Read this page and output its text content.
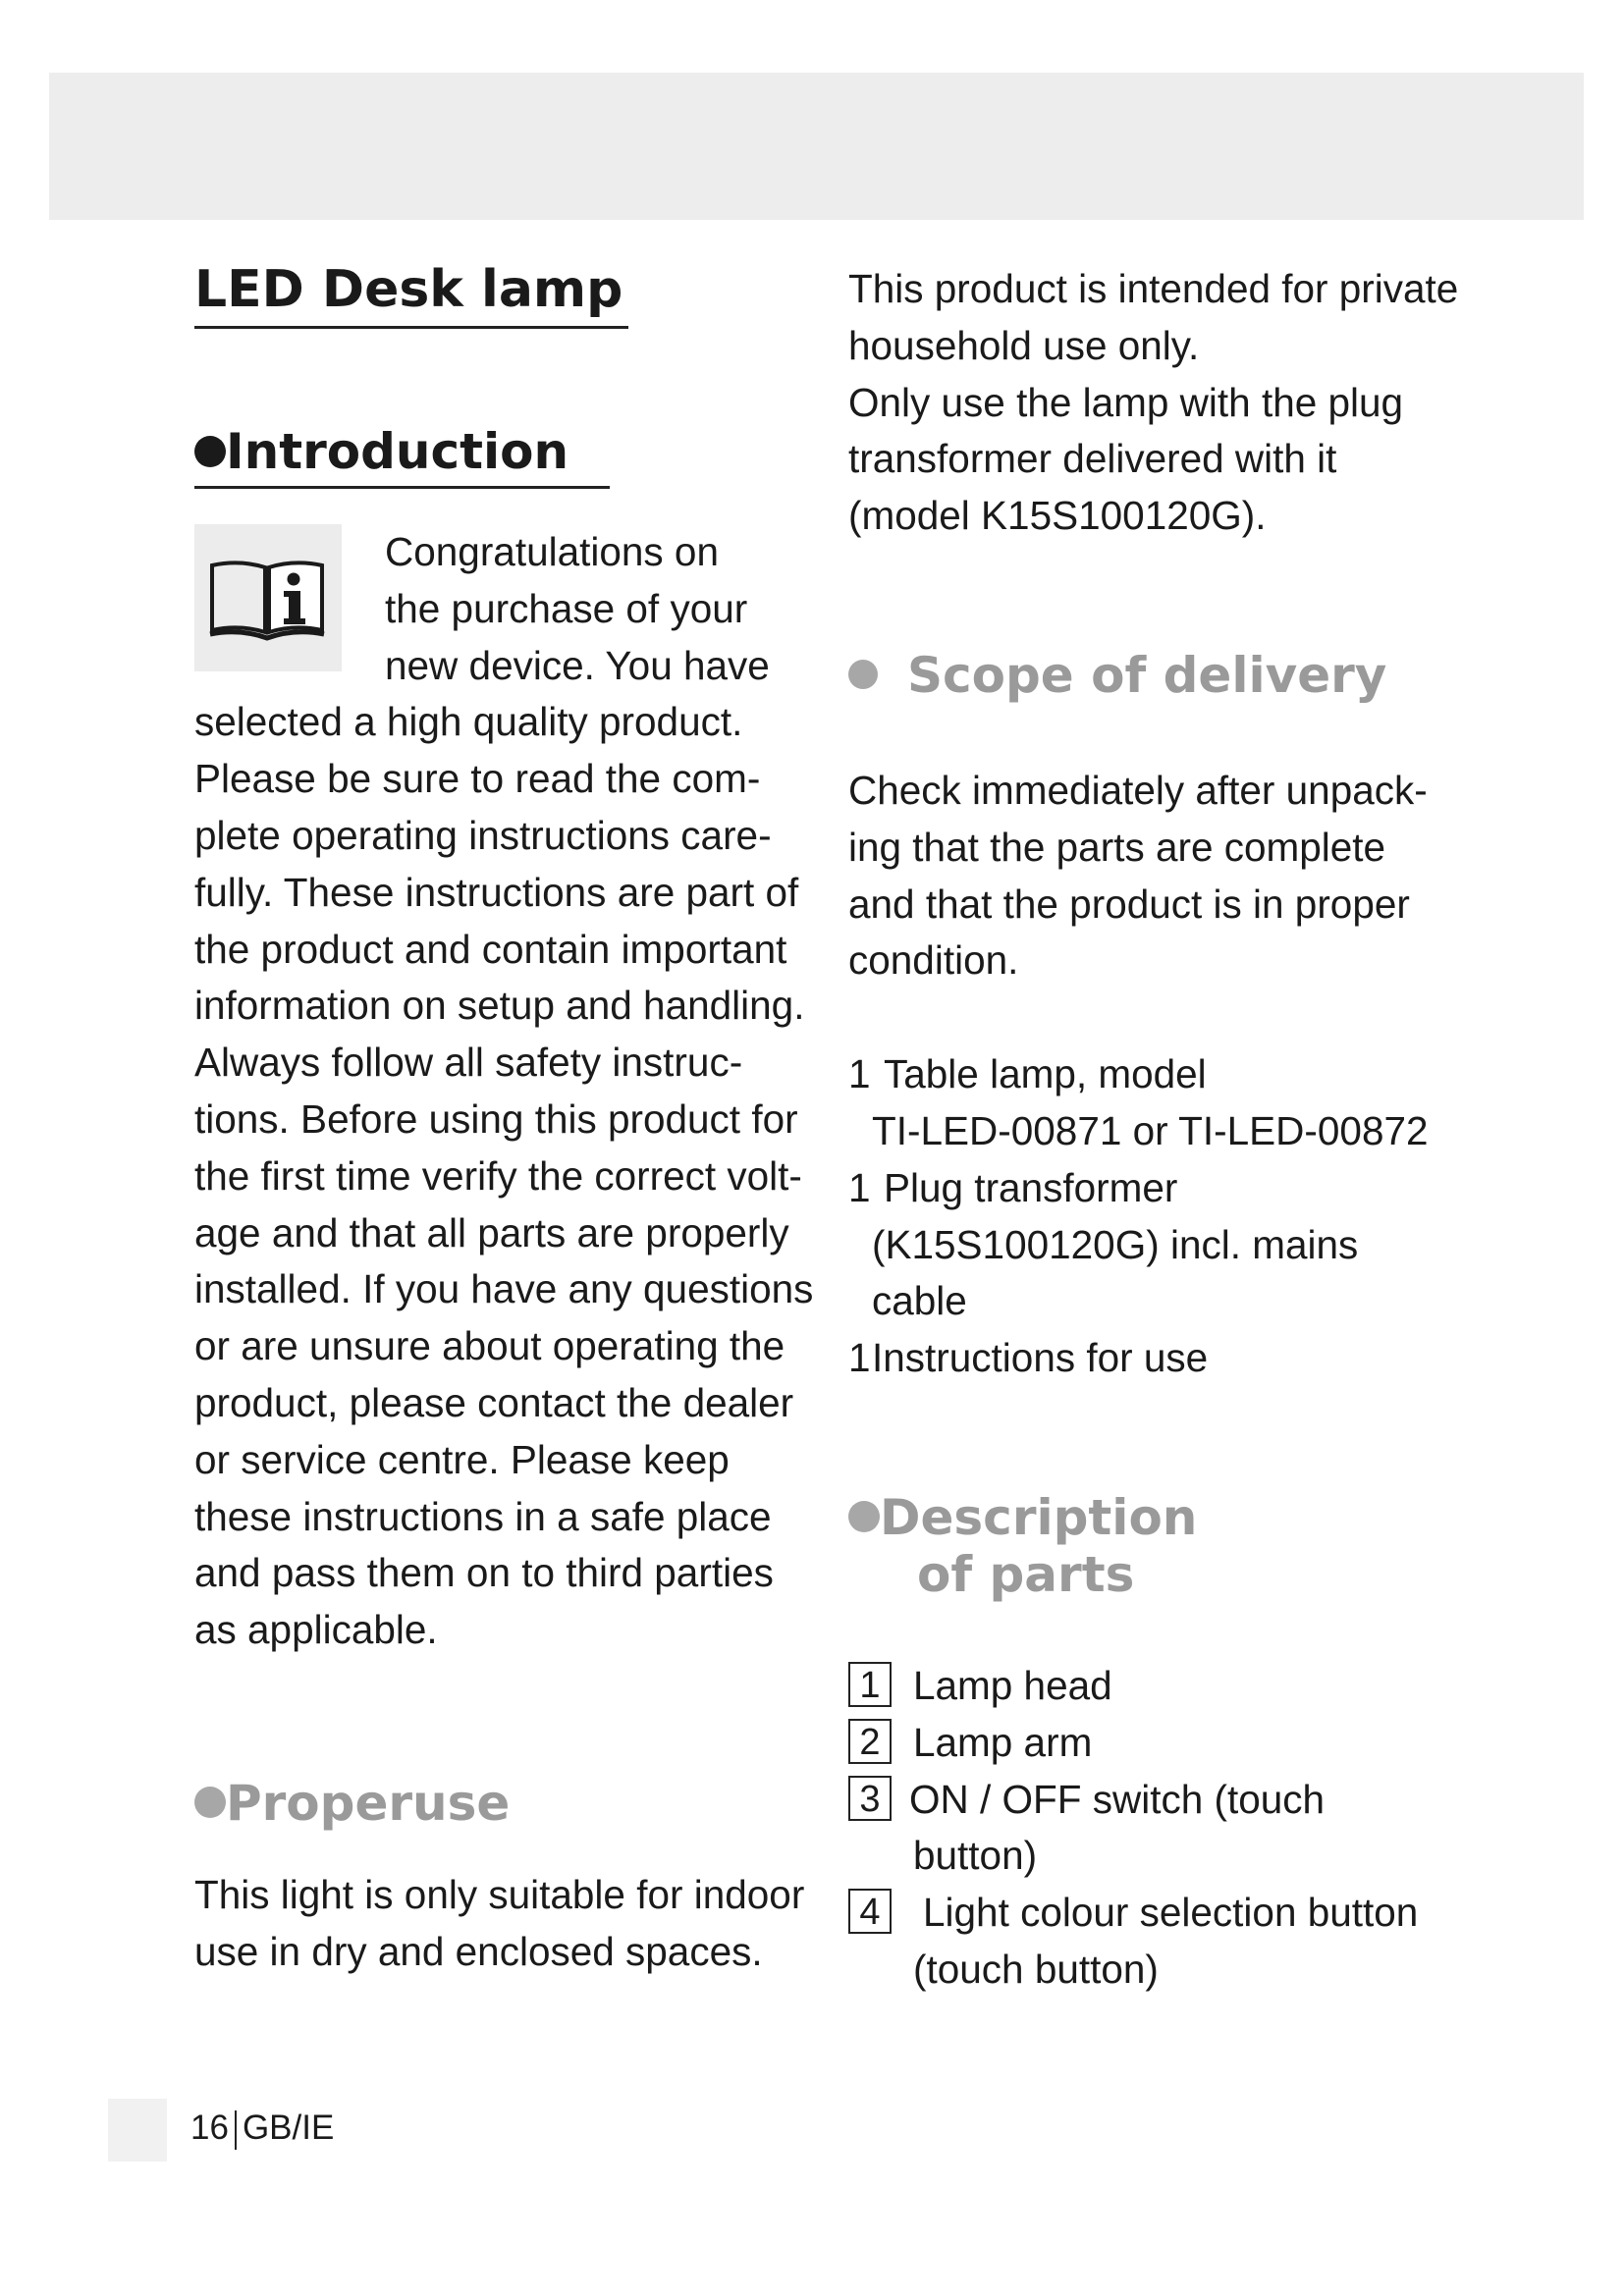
LED Desk lamp
Introduction

Congratulations on

the purchase of your

new device. You have

selected a high quality product.

Please be sure to read the com-

plete operating instructions care-

fully. These instructions are part of

the product and contain important

information on setup and handling.

Always follow all safety instruc-

tions. Before using this product for

the first time verify the correct volt-

age and that all parts are properly

installed. If you have any questions

or are unsure about operating the

product, please contact the dealer

or service centre. Please keep

these instructions in a safe place

and pass them on to third parties

as applicable.

Properuse

This light is only suitable for indoor

use in dry and enclosed spaces.

This product is intended for private

household use only.

Only use the lamp with the plug

transformer delivered with it

(model K15S100120G).

Scope of delivery

Check immediately after unpack-

ing that the parts are complete

and that the product is in proper

condition.

1 Table lamp, model

TI-LED-00871 or TI-LED-00872

1 Plug transformer

(K15S100120G) incl. mains

cable

1 Instructions for use

Description
of parts
1 Lamp head

2 Lamp arm

3 ON / OFF switch (touch

button)

4 Light colour selection button

(touch button)

16 GB/IE
